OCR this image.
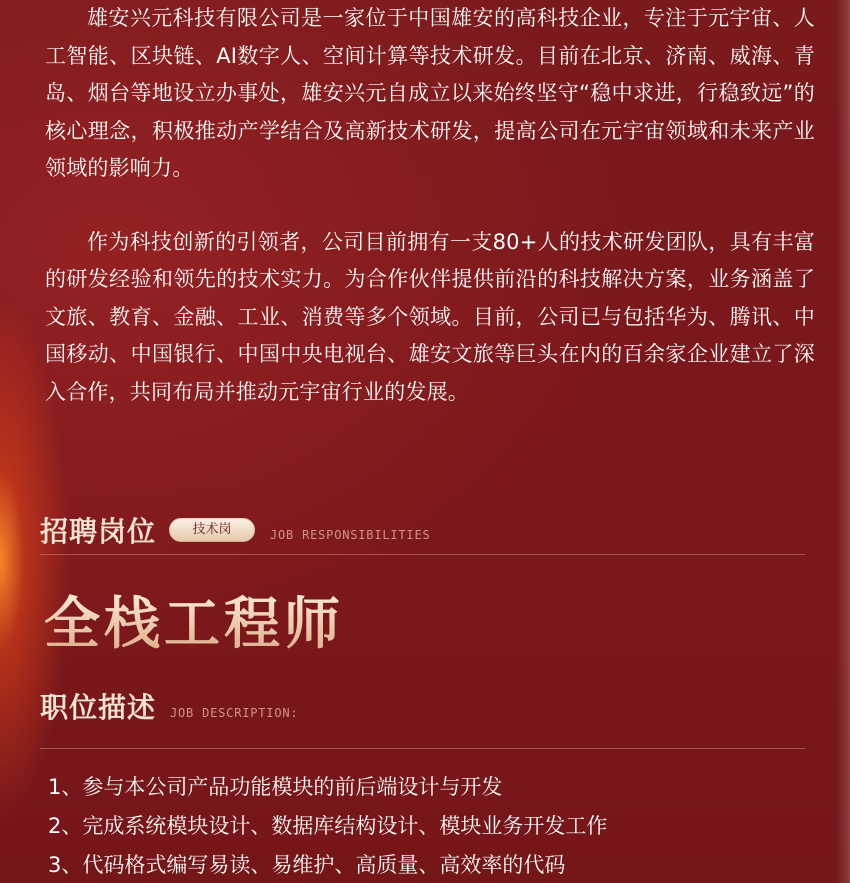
雄安兴元科技有限公司是一家位于中国雄安的高科技企业，专注于元宇宙、人工智能、区块链、AI数字人、空间计算等技术研发。目前在北京、济南、威海、青岛、烟台等地设立办事处，雄安兴元自成立以来始终坚守“稳中求进，行稳致远”的核心理念，积极推动产学结合及高新技术研发，提高公司在元宇宙领域和未来产业领域的影响力。

作为科技创新的引领者，公司目前拥有一支80+人的技术研发团队，具有丰富的研发经验和领先的技术实力。为合作伙伴提供前沿的科技解决方案，业务涵盖了文旅、教育、金融、工业、消费等多个领域。目前，公司已与包括华为、腾讯、中国移动、中国银行、中国中央电视台、雄安文旅等巨头在内的百余家企业建立了深入合作，共同布局并推动元宇宙行业的发展。

招聘岗位	技术岗	JOB RESPONSIBILITIES
全栈工程师
职位描述 JOB DESCRIPTION:
1、参与本公司产品功能模块的前后端设计与开发
2、完成系统模块设计、数据库结构设计、模块业务开发工作
3、代码格式编写易读、易维护、高质量、高效率的代码
